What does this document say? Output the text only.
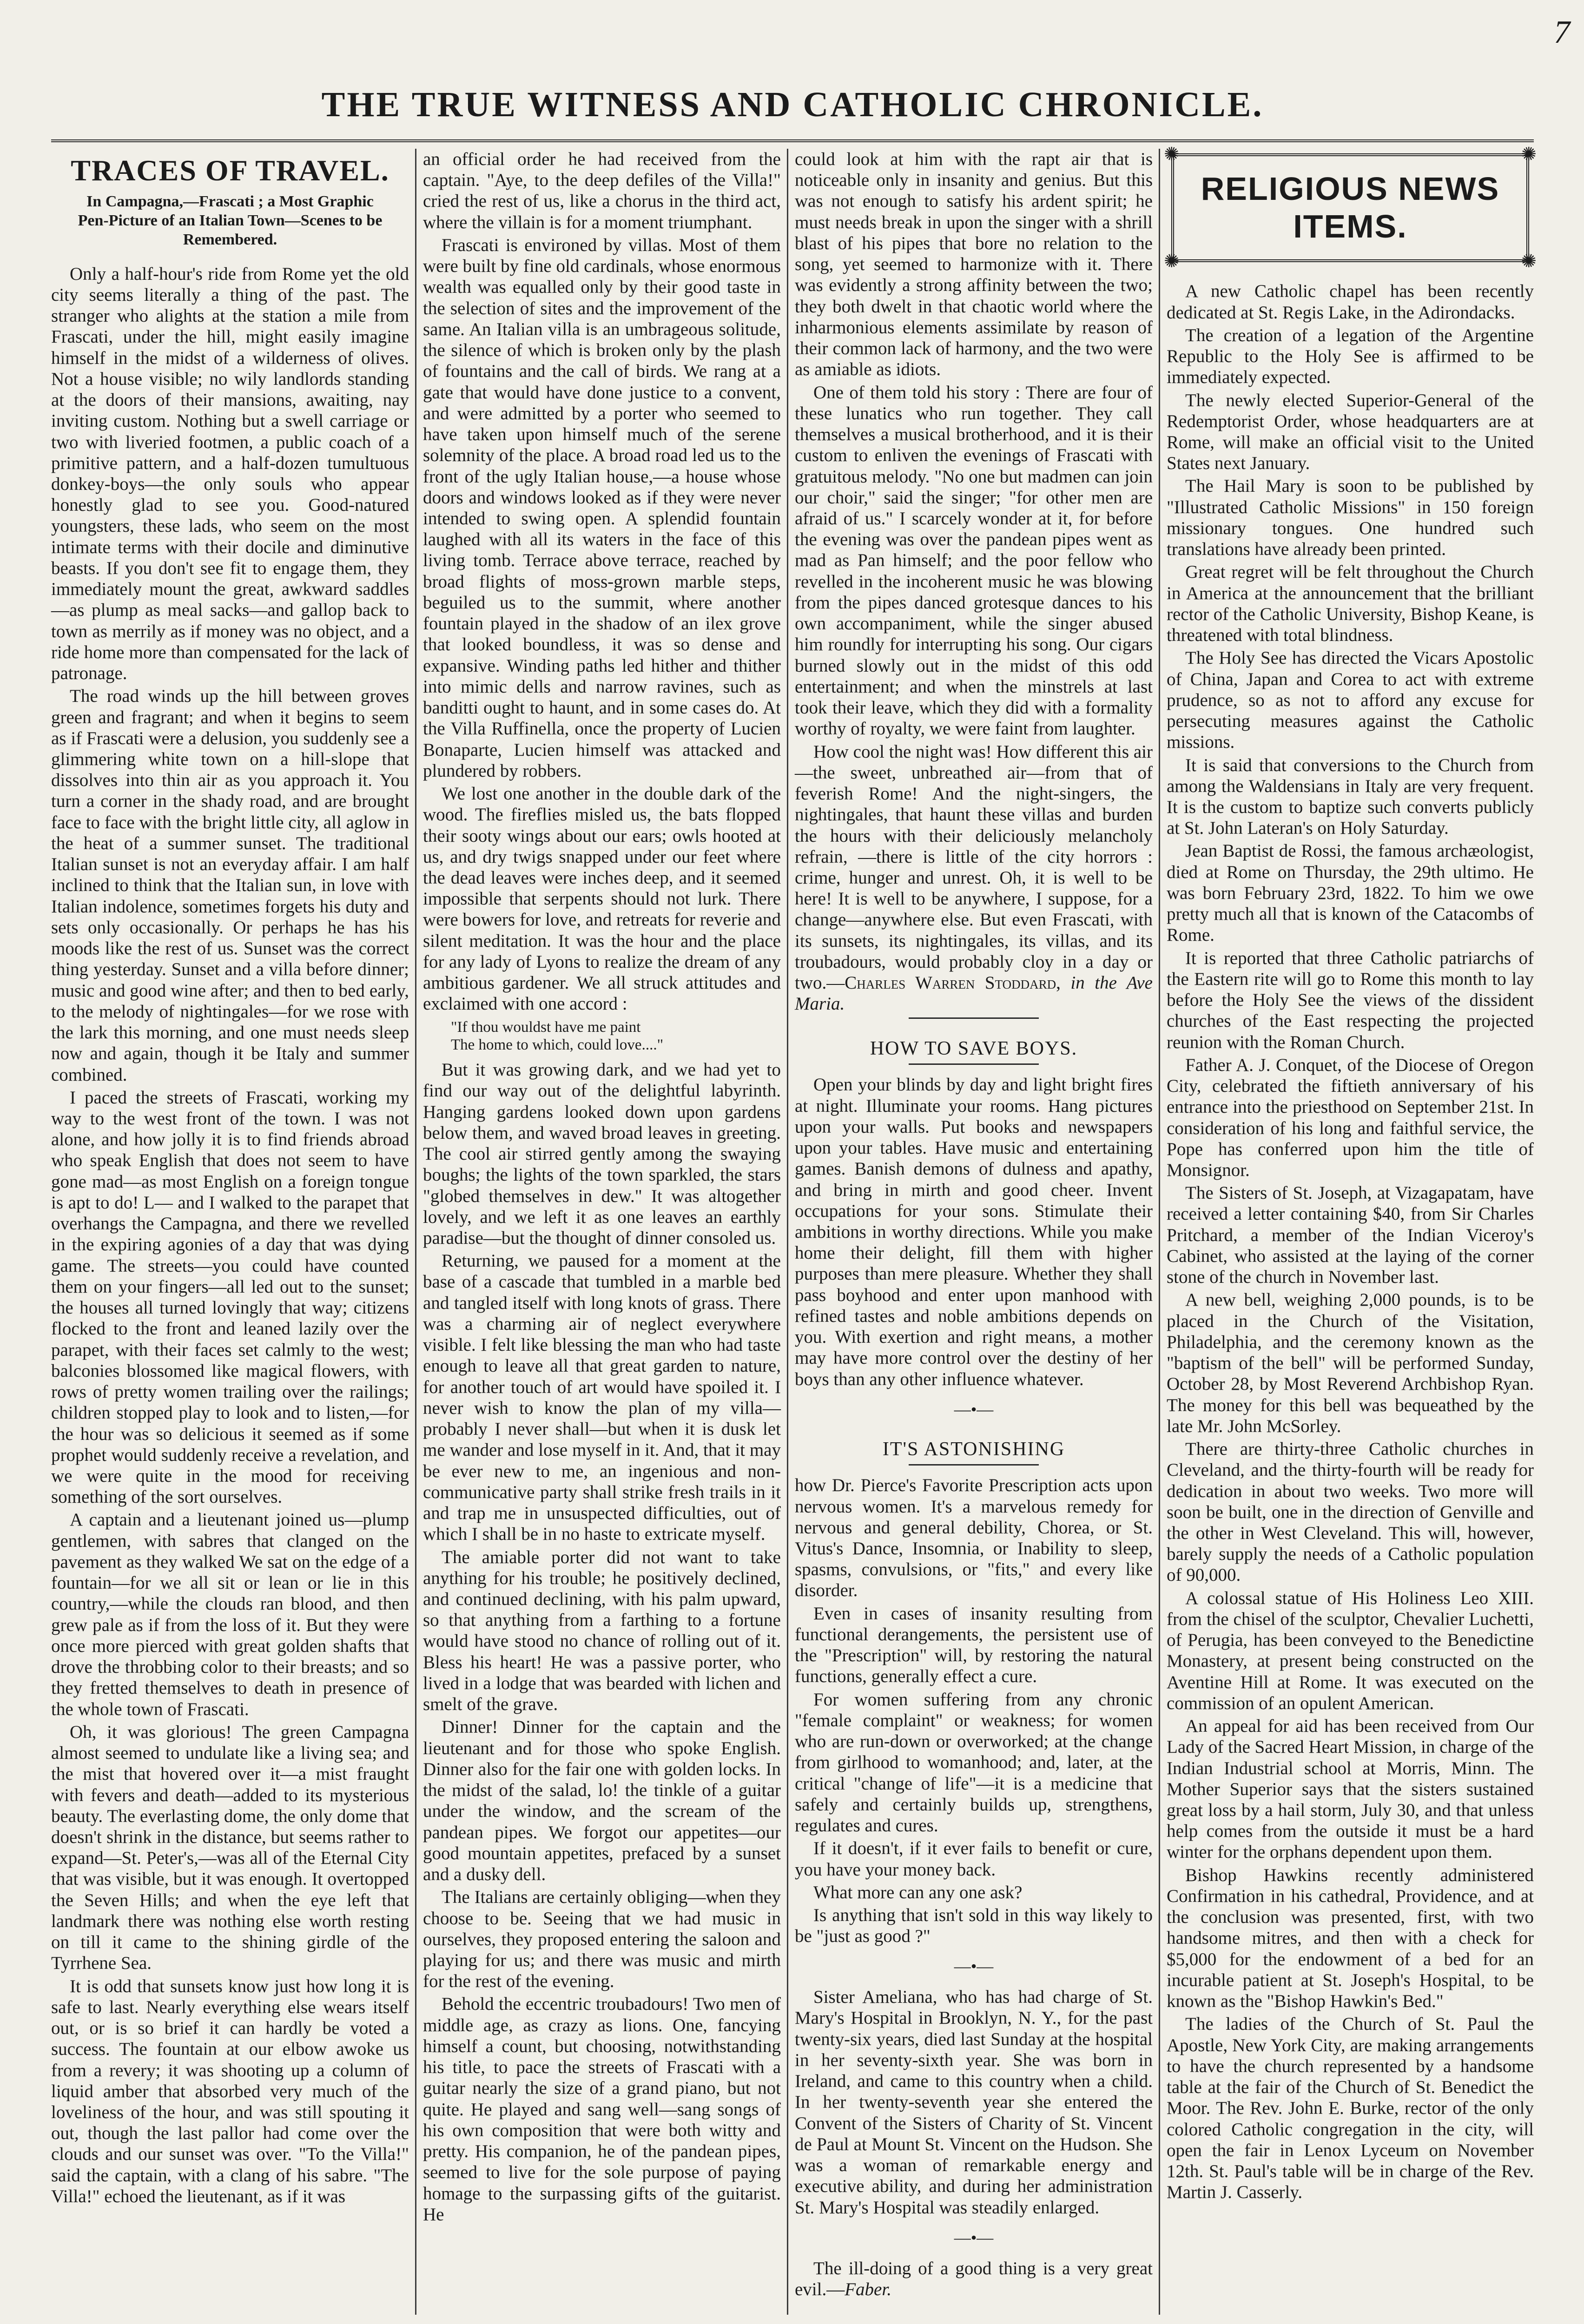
THE TRUE WITNESS AND CATHOLIC CHRONICLE.
7
TRACES OF TRAVEL.
In Campagna,—Frascati ; a Most Graphic Pen-Picture of an Italian Town—Scenes to be Remembered.

Only a half-hour's ride from Rome yet the old city seems literally a thing of the past. The stranger who alights at the station a mile from Frascati, under the hill, might easily imagine himself in the midst of a wilderness of olives. Not a house visible; no wily landlords standing at the doors of their mansions, awaiting, nay inviting custom. Nothing but a swell carriage or two with liveried footmen, a public coach of a primitive pattern, and a half-dozen tumultuous donkey-boys—the only souls who appear honestly glad to see you. Good-natured youngsters, these lads, who seem on the most intimate terms with their docile and diminutive beasts. If you don't see fit to engage them, they immediately mount the great, awkward saddles—as plump as meal sacks—and gallop back to town as merrily as if money was no object, and a ride home more than compensated for the lack of patronage.

The road winds up the hill between groves green and fragrant; and when it begins to seem as if Frascati were a delusion, you suddenly see a glimmering white town on a hill-slope that dissolves into thin air as you approach it. You turn a corner in the shady road, and are brought face to face with the bright little city, all aglow in the heat of a summer sunset. The traditional Italian sunset is not an everyday affair. I am half inclined to think that the Italian sun, in love with Italian indolence, sometimes forgets his duty and sets only occasionally. Or perhaps he has his moods like the rest of us. Sunset was the correct thing yesterday. Sunset and a villa before dinner; music and good wine after; and then to bed early, to the melody of nightingales—for we rose with the lark this morning, and one must needs sleep now and again, though it be Italy and summer combined.

I paced the streets of Frascati, working my way to the west front of the town. I was not alone, and how jolly it is to find friends abroad who speak English that does not seem to have gone mad—as most English on a foreign tongue is apt to do! L— and I walked to the parapet that overhangs the Campagna, and there we revelled in the expiring agonies of a day that was dying game. The streets—you could have counted them on your fingers—all led out to the sunset; the houses all turned lovingly that way; citizens flocked to the front and leaned lazily over the parapet, with their faces set calmly to the west; balconies blossomed like magical flowers, with rows of pretty women trailing over the railings; children stopped play to look and to listen,—for the hour was so delicious it seemed as if some prophet would suddenly receive a revelation, and we were quite in the mood for receiving something of the sort ourselves.

A captain and a lieutenant joined us—plump gentlemen, with sabres that clanged on the pavement as they walked We sat on the edge of a fountain—for we all sit or lean or lie in this country,—while the clouds ran blood, and then grew pale as if from the loss of it. But they were once more pierced with great golden shafts that drove the throbbing color to their breasts; and so they fretted themselves to death in presence of the whole town of Frascati.

Oh, it was glorious! The green Campagna almost seemed to undulate like a living sea; and the mist that hovered over it—a mist fraught with fevers and death—added to its mysterious beauty. The everlasting dome, the only dome that doesn't shrink in the distance, but seems rather to expand—St. Peter's,—was all of the Eternal City that was visible, but it was enough. It overtopped the Seven Hills; and when the eye left that landmark there was nothing else worth resting on till it came to the shining girdle of the Tyrrhene Sea.

It is odd that sunsets know just how long it is safe to last. Nearly everything else wears itself out, or is so brief it can hardly be voted a success. The fountain at our elbow awoke us from a revery; it was shooting up a column of liquid amber that absorbed very much of the loveliness of the hour, and was still spouting it out, though the last pallor had come over the clouds and our sunset was over. "To the Villa!" said the captain, with a clang of his sabre. "The Villa!" echoed the lieutenant, as if it was

an official order he had received from the captain. "Aye, to the deep defiles of the Villa!" cried the rest of us, like a chorus in the third act, where the villain is for a moment triumphant.

Frascati is environed by villas. Most of them were built by fine old cardinals, whose enormous wealth was equalled only by their good taste in the selection of sites and the improvement of the same. An Italian villa is an umbrageous solitude, the silence of which is broken only by the plash of fountains and the call of birds. We rang at a gate that would have done justice to a convent, and were admitted by a porter who seemed to have taken upon himself much of the serene solemnity of the place. A broad road led us to the front of the ugly Italian house,—a house whose doors and windows looked as if they were never intended to swing open. A splendid fountain laughed with all its waters in the face of this living tomb. Terrace above terrace, reached by broad flights of moss-grown marble steps, beguiled us to the summit, where another fountain played in the shadow of an ilex grove that looked boundless, it was so dense and expansive. Winding paths led hither and thither into mimic dells and narrow ravines, such as banditti ought to haunt, and in some cases do. At the Villa Ruffinella, once the property of Lucien Bonaparte, Lucien himself was attacked and plundered by robbers.

We lost one another in the double dark of the wood. The fireflies misled us, the bats flopped their sooty wings about our ears; owls hooted at us, and dry twigs snapped under our feet where the dead leaves were inches deep, and it seemed impossible that serpents should not lurk. There were bowers for love, and retreats for reverie and silent meditation. It was the hour and the place for any lady of Lyons to realize the dream of any ambitious gardener. We all struck attitudes and exclaimed with one accord :

"If thou wouldst have me paint
The home to which, could love...."

But it was growing dark, and we had yet to find our way out of the delightful labyrinth. Hanging gardens looked down upon gardens below them, and waved broad leaves in greeting. The cool air stirred gently among the swaying boughs; the lights of the town sparkled, the stars "globed themselves in dew." It was altogether lovely, and we left it as one leaves an earthly paradise—but the thought of dinner consoled us.

Returning, we paused for a moment at the base of a cascade that tumbled in a marble bed and tangled itself with long knots of grass. There was a charming air of neglect everywhere visible. I felt like blessing the man who had taste enough to leave all that great garden to nature, for another touch of art would have spoiled it. I never wish to know the plan of my villa—probably I never shall—but when it is dusk let me wander and lose myself in it. And, that it may be ever new to me, an ingenious and non-communicative party shall strike fresh trails in it and trap me in unsuspected difficulties, out of which I shall be in no haste to extricate myself.

The amiable porter did not want to take anything for his trouble; he positively declined, and continued declining, with his palm upward, so that anything from a farthing to a fortune would have stood no chance of rolling out of it. Bless his heart! He was a passive porter, who lived in a lodge that was bearded with lichen and smelt of the grave.

Dinner! Dinner for the captain and the lieutenant and for those who spoke English. Dinner also for the fair one with golden locks. In the midst of the salad, lo! the tinkle of a guitar under the window, and the scream of the pandean pipes. We forgot our appetites—our good mountain appetites, prefaced by a sunset and a dusky dell.

The Italians are certainly obliging—when they choose to be. Seeing that we had music in ourselves, they proposed entering the saloon and playing for us; and there was music and mirth for the rest of the evening.

Behold the eccentric troubadours! Two men of middle age, as crazy as lions. One, fancying himself a count, but choosing, notwithstanding his title, to pace the streets of Frascati with a guitar nearly the size of a grand piano, but not quite. He played and sang well—sang songs of his own composition that were both witty and pretty. His companion, he of the pandean pipes, seemed to live for the sole purpose of paying homage to the surpassing gifts of the guitarist. He

could look at him with the rapt air that is noticeable only in insanity and genius. But this was not enough to satisfy his ardent spirit; he must needs break in upon the singer with a shrill blast of his pipes that bore no relation to the song, yet seemed to harmonize with it. There was evidently a strong affinity between the two; they both dwelt in that chaotic world where the inharmonious elements assimilate by reason of their common lack of harmony, and the two were as amiable as idiots.

One of them told his story : There are four of these lunatics who run together. They call themselves a musical brotherhood, and it is their custom to enliven the evenings of Frascati with gratuitous melody. "No one but madmen can join our choir," said the singer; "for other men are afraid of us." I scarcely wonder at it, for before the evening was over the pandean pipes went as mad as Pan himself; and the poor fellow who revelled in the incoherent music he was blowing from the pipes danced grotesque dances to his own accompaniment, while the singer abused him roundly for interrupting his song. Our cigars burned slowly out in the midst of this odd entertainment; and when the minstrels at last took their leave, which they did with a formality worthy of royalty, we were faint from laughter.

How cool the night was! How different this air—the sweet, unbreathed air—from that of feverish Rome! And the night-singers, the nightingales, that haunt these villas and burden the hours with their deliciously melancholy refrain, —there is little of the city horrors : crime, hunger and unrest. Oh, it is well to be here! It is well to be anywhere, I suppose, for a change—anywhere else. But even Frascati, with its sunsets, its nightingales, its villas, and its troubadours, would probably cloy in a day or two.—Charles Warren Stoddard, in the Ave Maria.

HOW TO SAVE BOYS.

Open your blinds by day and light bright fires at night. Illuminate your rooms. Hang pictures upon your walls. Put books and newspapers upon your tables. Have music and entertaining games. Banish demons of dulness and apathy, and bring in mirth and good cheer. Invent occupations for your sons. Stimulate their ambitions in worthy directions. While you make home their delight, fill them with higher purposes than mere pleasure. Whether they shall pass boyhood and enter upon manhood with refined tastes and noble ambitions depends on you. With exertion and right means, a mother may have more control over the destiny of her boys than any other influence whatever.

—•—
IT'S ASTONISHING

how Dr. Pierce's Favorite Prescription acts upon nervous women. It's a marvelous remedy for nervous and general debility, Chorea, or St. Vitus's Dance, Insomnia, or Inability to sleep, spasms, convulsions, or "fits," and every like disorder.

Even in cases of insanity resulting from functional derangements, the persistent use of the "Prescription" will, by restoring the natural functions, generally effect a cure.

For women suffering from any chronic "female complaint" or weakness; for women who are run-down or overworked; at the change from girlhood to womanhood; and, later, at the critical "change of life"—it is a medicine that safely and certainly builds up, strengthens, regulates and cures.

If it doesn't, if it ever fails to benefit or cure, you have your money back.

What more can any one ask?

Is anything that isn't sold in this way likely to be "just as good ?"

—•—

Sister Ameliana, who has had charge of St. Mary's Hospital in Brooklyn, N. Y., for the past twenty-six years, died last Sunday at the hospital in her seventy-sixth year. She was born in Ireland, and came to this country when a child. In her twenty-seventh year she entered the Convent of the Sisters of Charity of St. Vincent de Paul at Mount St. Vincent on the Hudson. She was a woman of remarkable energy and executive ability, and during her administration St. Mary's Hospital was steadily enlarged.

—•—

The ill-doing of a good thing is a very great evil.—Faber.

✺	✺
✺	✺
RELIGIOUS NEWS ITEMS.

A new Catholic chapel has been recently dedicated at St. Regis Lake, in the Adirondacks.

The creation of a legation of the Argentine Republic to the Holy See is affirmed to be immediately expected.

The newly elected Superior-General of the Redemptorist Order, whose headquarters are at Rome, will make an official visit to the United States next January.

The Hail Mary is soon to be published by "Illustrated Catholic Missions" in 150 foreign missionary tongues. One hundred such translations have already been printed.

Great regret will be felt throughout the Church in America at the announcement that the brilliant rector of the Catholic University, Bishop Keane, is threatened with total blindness.

The Holy See has directed the Vicars Apostolic of China, Japan and Corea to act with extreme prudence, so as not to afford any excuse for persecuting measures against the Catholic missions.

It is said that conversions to the Church from among the Waldensians in Italy are very frequent. It is the custom to baptize such converts publicly at St. John Lateran's on Holy Saturday.

Jean Baptist de Rossi, the famous archæologist, died at Rome on Thursday, the 29th ultimo. He was born February 23rd, 1822. To him we owe pretty much all that is known of the Catacombs of Rome.

It is reported that three Catholic patriarchs of the Eastern rite will go to Rome this month to lay before the Holy See the views of the dissident churches of the East respecting the projected reunion with the Roman Church.

Father A. J. Conquet, of the Diocese of Oregon City, celebrated the fiftieth anniversary of his entrance into the priesthood on September 21st. In consideration of his long and faithful service, the Pope has conferred upon him the title of Monsignor.

The Sisters of St. Joseph, at Vizagapatam, have received a letter containing $40, from Sir Charles Pritchard, a member of the Indian Viceroy's Cabinet, who assisted at the laying of the corner stone of the church in November last.

A new bell, weighing 2,000 pounds, is to be placed in the Church of the Visitation, Philadelphia, and the ceremony known as the "baptism of the bell" will be performed Sunday, October 28, by Most Reverend Archbishop Ryan. The money for this bell was bequeathed by the late Mr. John McSorley.

There are thirty-three Catholic churches in Cleveland, and the thirty-fourth will be ready for dedication in about two weeks. Two more will soon be built, one in the direction of Genville and the other in West Cleveland. This will, however, barely supply the needs of a Catholic population of 90,000.

A colossal statue of His Holiness Leo XIII. from the chisel of the sculptor, Chevalier Luchetti, of Perugia, has been conveyed to the Benedictine Monastery, at present being constructed on the Aventine Hill at Rome. It was executed on the commission of an opulent American.

An appeal for aid has been received from Our Lady of the Sacred Heart Mission, in charge of the Indian Industrial school at Morris, Minn. The Mother Superior says that the sisters sustained great loss by a hail storm, July 30, and that unless help comes from the outside it must be a hard winter for the orphans dependent upon them.

Bishop Hawkins recently administered Confirmation in his cathedral, Providence, and at the conclusion was presented, first, with two handsome mitres, and then with a check for $5,000 for the endowment of a bed for an incurable patient at St. Joseph's Hospital, to be known as the "Bishop Hawkin's Bed."

The ladies of the Church of St. Paul the Apostle, New York City, are making arrangements to have the church represented by a handsome table at the fair of the Church of St. Benedict the Moor. The Rev. John E. Burke, rector of the only colored Catholic congregation in the city, will open the fair in Lenox Lyceum on November 12th. St. Paul's table will be in charge of the Rev. Martin J. Casserly.
